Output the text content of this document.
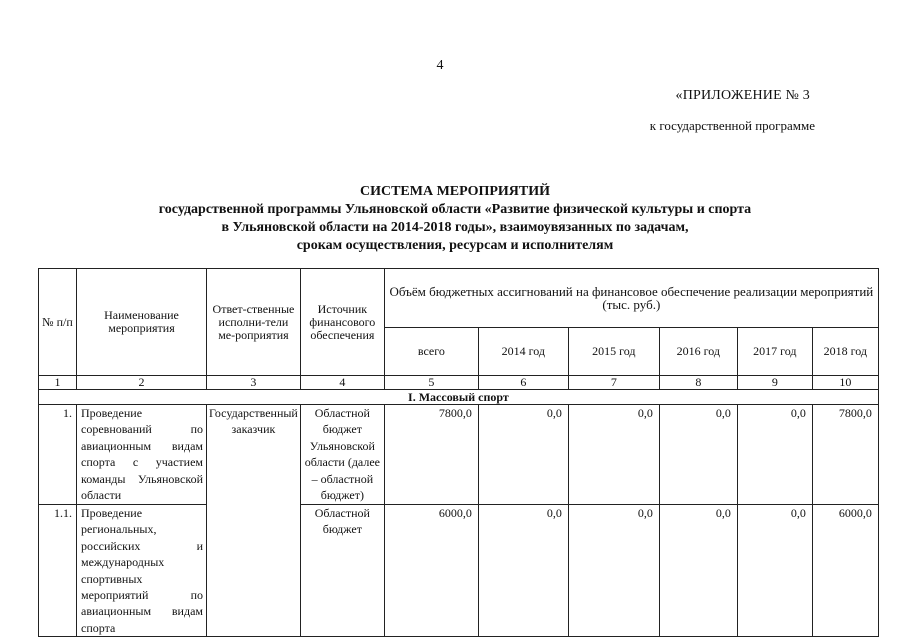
4
«ПРИЛОЖЕНИЕ № 3
к государственной программе
СИСТЕМА МЕРОПРИЯТИЙ
государственной программы Ульяновской области «Развитие физической культуры и спорта
в Ульяновской области на 2014-2018 годы», взаимоувязанных по задачам,
срокам осуществления, ресурсам и исполнителям
№ п/п	Наименование мероприятия	Ответ-ственные исполни-тели ме-роприятия	Источник финансового обеспечения	Объём бюджетных ассигнований на финансовое обеспечение реализации мероприятий (тыс. руб.)					
				всего	2014 год	2015 год	2016 год	2017 год	2018 год
1	2	3	4	5	6	7	8	9	10
I. Массовый спорт									
1.	Проведение соревнований по авиационным видам спорта с участием команды Ульяновской области	Государственный заказчик	Областной бюджет Ульяновской области (далее – областной бюджет)	7800,0	0,0	0,0	0,0	0,0	7800,0
1.1.	Проведение региональных, российских и международных спортивных мероприятий по авиационным видам спорта		Областной бюджет	6000,0	0,0	0,0	0,0	0,0	6000,0
